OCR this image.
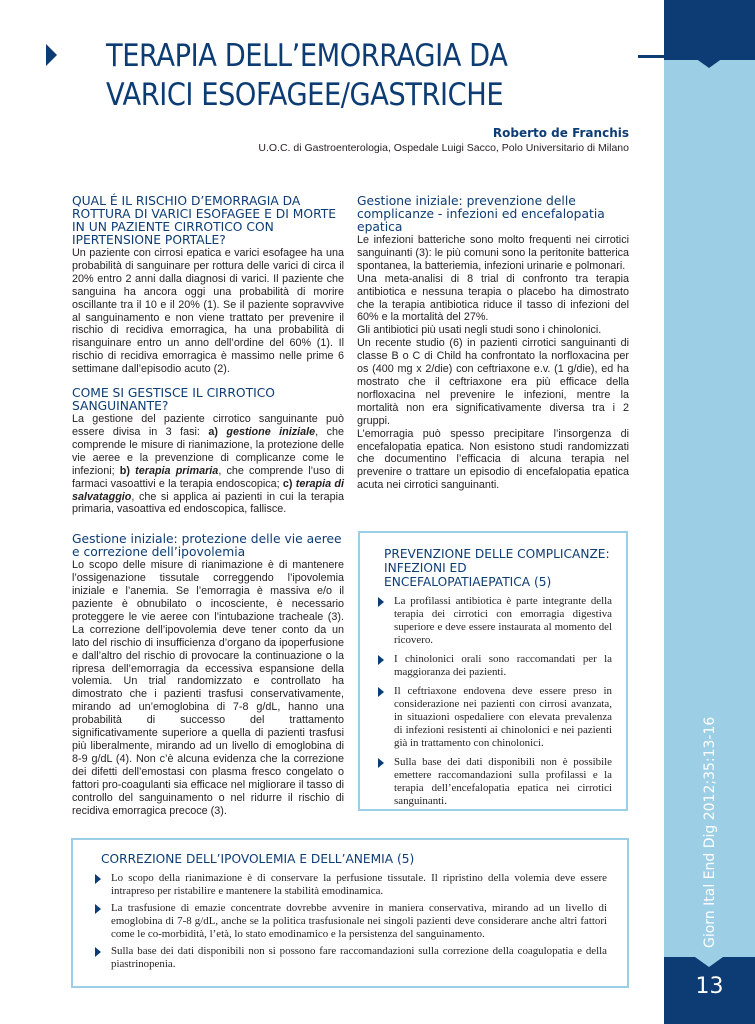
Giorn Ital End Dig 2012;35:13-16
13
TERAPIA DELL’EMORRAGIA DA
VARICI ESOFAGEE/GASTRICHE
Roberto de Franchis
U.O.C. di Gastroenterologia, Ospedale Luigi Sacco, Polo Universitario di Milano
QUAL É IL RISCHIO D’EMORRAGIA DA ROTTURA DI VARICI ESOFAGEE E DI MORTE IN UN PAZIENTE CIRROTICO CON IPERTENSIONE PORTALE?

Un paziente con cirrosi epatica e varici esofagee ha una probabilità di sanguinare per rottura delle varici di circa il 20% entro 2 anni dalla diagnosi di varici. Il paziente che sanguina ha ancora oggi una probabilità di morire oscillante tra il 10 e il 20% (1). Se il paziente sopravvive al sanguinamento e non viene trattato per prevenire il rischio di recidiva emorragica, ha una probabilità di risanguinare entro un anno dell’ordine del 60% (1). Il rischio di recidiva emorragica è massimo nelle prime 6 settimane dall’episodio acuto (2).

COME SI GESTISCE IL CIRROTICO SANGUINANTE?

La gestione del paziente cirrotico sanguinante può essere divisa in 3 fasi: a) gestione iniziale, che comprende le misure di rianimazione, la protezione delle vie aeree e la prevenzione di complicanze come le infezioni; b) terapia primaria, che comprende l’uso di farmaci vasoattivi e la terapia endoscopica; c) terapia di salvataggio, che si applica ai pazienti in cui la terapia primaria, vasoattiva ed endoscopica, fallisce.

Gestione iniziale: protezione delle vie aeree e correzione dell’ipovolemia

Lo scopo delle misure di rianimazione è di mantenere l’ossigenazione tissutale correggendo l’ipovolemia iniziale e l’anemia. Se l’emorragia è massiva e/o il paziente è obnubilato o incosciente, è necessario proteggere le vie aeree con l’intubazione tracheale (3). La correzione dell’ipovolemia deve tener conto da un lato del rischio di insufficienza d’organo da ipoperfusione e dall’altro del rischio di provocare la continuazione o la ripresa dell’emorragia da eccessiva espansione della volemia. Un trial randomizzato e controllato ha dimostrato che i pazienti trasfusi conservativamente, mirando ad un’emoglobina di 7-8 g/dL, hanno una probabilità di successo del trattamento significativamente superiore a quella di pazienti trasfusi più liberalmente, mirando ad un livello di emoglobina di 8-9 g/dL (4). Non c’è alcuna evidenza che la correzione dei difetti dell’emostasi con plasma fresco congelato o fattori pro-coagulanti sia efficace nel migliorare il tasso di controllo del sanguinamento o nel ridurre il rischio di recidiva emorragica precoce (3).

Gestione iniziale: prevenzione delle complicanze - infezioni ed encefalopatia epatica

Le infezioni batteriche sono molto frequenti nei cirrotici sanguinanti (3): le più comuni sono la peritonite batterica spontanea, la batteriemia, infezioni urinarie e polmonari.

Una meta-analisi di 8 trial di confronto tra terapia antibiotica e nessuna terapia o placebo ha dimostrato che la terapia antibiotica riduce il tasso di infezioni del 60% e la mortalità del 27%.

Gli antibiotici più usati negli studi sono i chinolonici.

Un recente studio (6) in pazienti cirrotici sanguinanti di classe B o C di Child ha confrontato la norfloxacina per os (400 mg x 2/die) con ceftriaxone e.v. (1 g/die), ed ha mostrato che il ceftriaxone era più efficace della norfloxacina nel prevenire le infezioni, mentre la mortalità non era significativamente diversa tra i 2 gruppi.

L’emorragia può spesso precipitare l’insorgenza di encefalopatia epatica. Non esistono studi randomizzati che documentino l’efficacia di alcuna terapia nel prevenire o trattare un episodio di encefalopatia epatica acuta nei cirrotici sanguinanti.

PREVENZIONE DELLE COMPLICANZE: INFEZIONI ED ENCEFALOPATIAEPATICA (5)
La profilassi antibiotica è parte integrante della terapia dei cirrotici con emorragia digestiva superiore e deve essere instaurata al momento del ricovero.
I chinolonici orali sono raccomandati per la maggioranza dei pazienti.
Il ceftriaxone endovena deve essere preso in considerazione nei pazienti con cirrosi avanzata, in situazioni ospedaliere con elevata prevalenza di infezioni resistenti ai chinolonici e nei pazienti già in trattamento con chinolonici.
Sulla base dei dati disponibili non è possibile emettere raccomandazioni sulla profilassi e la terapia dell’encefalopatia epatica nei cirrotici sanguinanti.
CORREZIONE DELL’IPOVOLEMIA E DELL’ANEMIA (5)
Lo scopo della rianimazione è di conservare la perfusione tissutale. Il ripristino della volemia deve essere intrapreso per ristabilire e mantenere la stabilità emodinamica.
La trasfusione di emazie concentrate dovrebbe avvenire in maniera conservativa, mirando ad un livello di emoglobina di 7-8 g/dL, anche se la politica trasfusionale nei singoli pazienti deve considerare anche altri fattori come le co-morbidità, l’età, lo stato emodinamico e la persistenza del sanguinamento.
Sulla base dei dati disponibili non si possono fare raccomandazioni sulla correzione della coagulopatia e della piastrinopenia.
